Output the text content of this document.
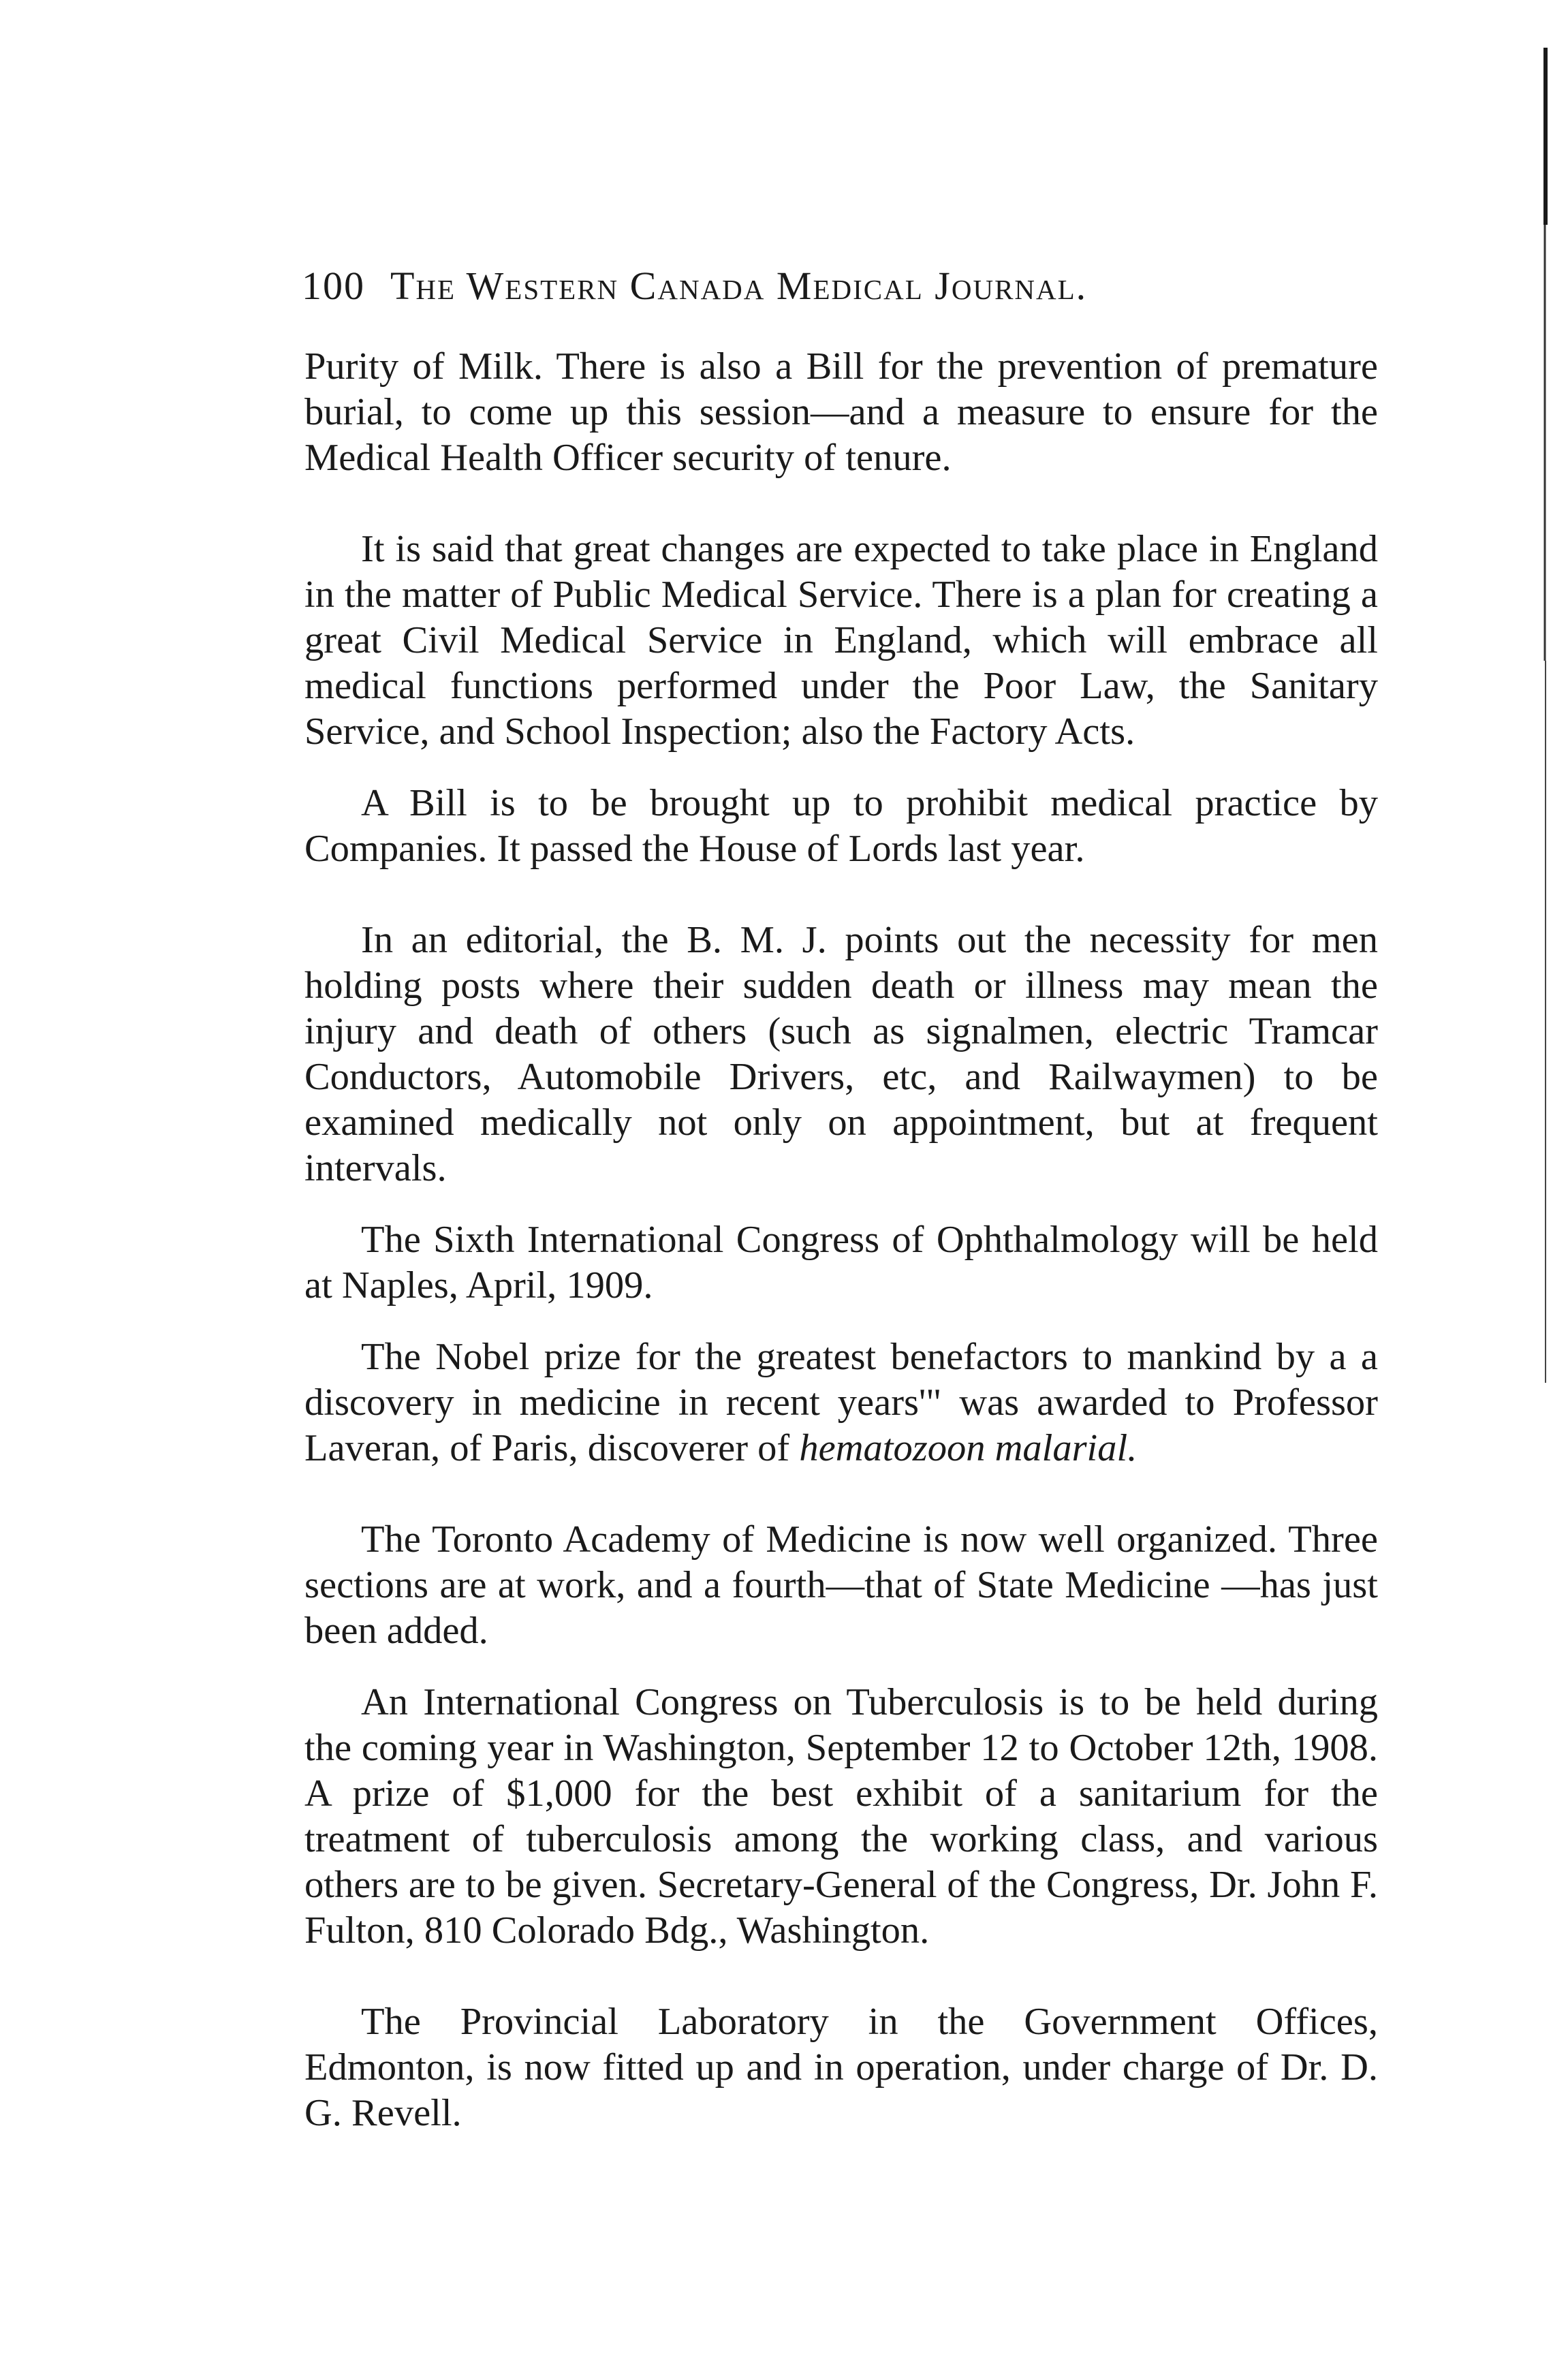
100 The Western Canada Medical Journal.

Purity of Milk. There is also a Bill for the prevention of premature burial, to come up this session—and a measure to ensure for the Medical Health Officer security of tenure.

It is said that great changes are expected to take place in England in the matter of Public Medical Service. There is a plan for creating a great Civil Medical Service in England, which will embrace all medical functions performed under the Poor Law, the Sanitary Service, and School Inspection; also the Factory Acts.

A Bill is to be brought up to prohibit medical practice by Companies. It passed the House of Lords last year.

In an editorial, the B. M. J. points out the necessity for men holding posts where their sudden death or illness may mean the injury and death of others (such as signalmen, electric Tramcar Conductors, Automobile Drivers, etc, and Railwaymen) to be examined medically not only on appointment, but at frequent intervals.

The Sixth International Congress of Ophthalmology will be held at Naples, April, 1909.

The Nobel prize for the greatest benefactors to mankind by a a discovery in medicine in recent years'" was awarded to Professor Laveran, of Paris, discoverer of hematozoon malarial.

The Toronto Academy of Medicine is now well organized. Three sections are at work, and a fourth—that of State Medicine —has just been added.

An International Congress on Tuberculosis is to be held during the coming year in Washington, September 12 to October 12th, 1908. A prize of $1,000 for the best exhibit of a sanitarium for the treatment of tuberculosis among the working class, and various others are to be given. Secretary-General of the Congress, Dr. John F. Fulton, 810 Colorado Bdg., Washington.

The Provincial Laboratory in the Government Offices, Edmonton, is now fitted up and in operation, under charge of Dr. D. G. Revell.
